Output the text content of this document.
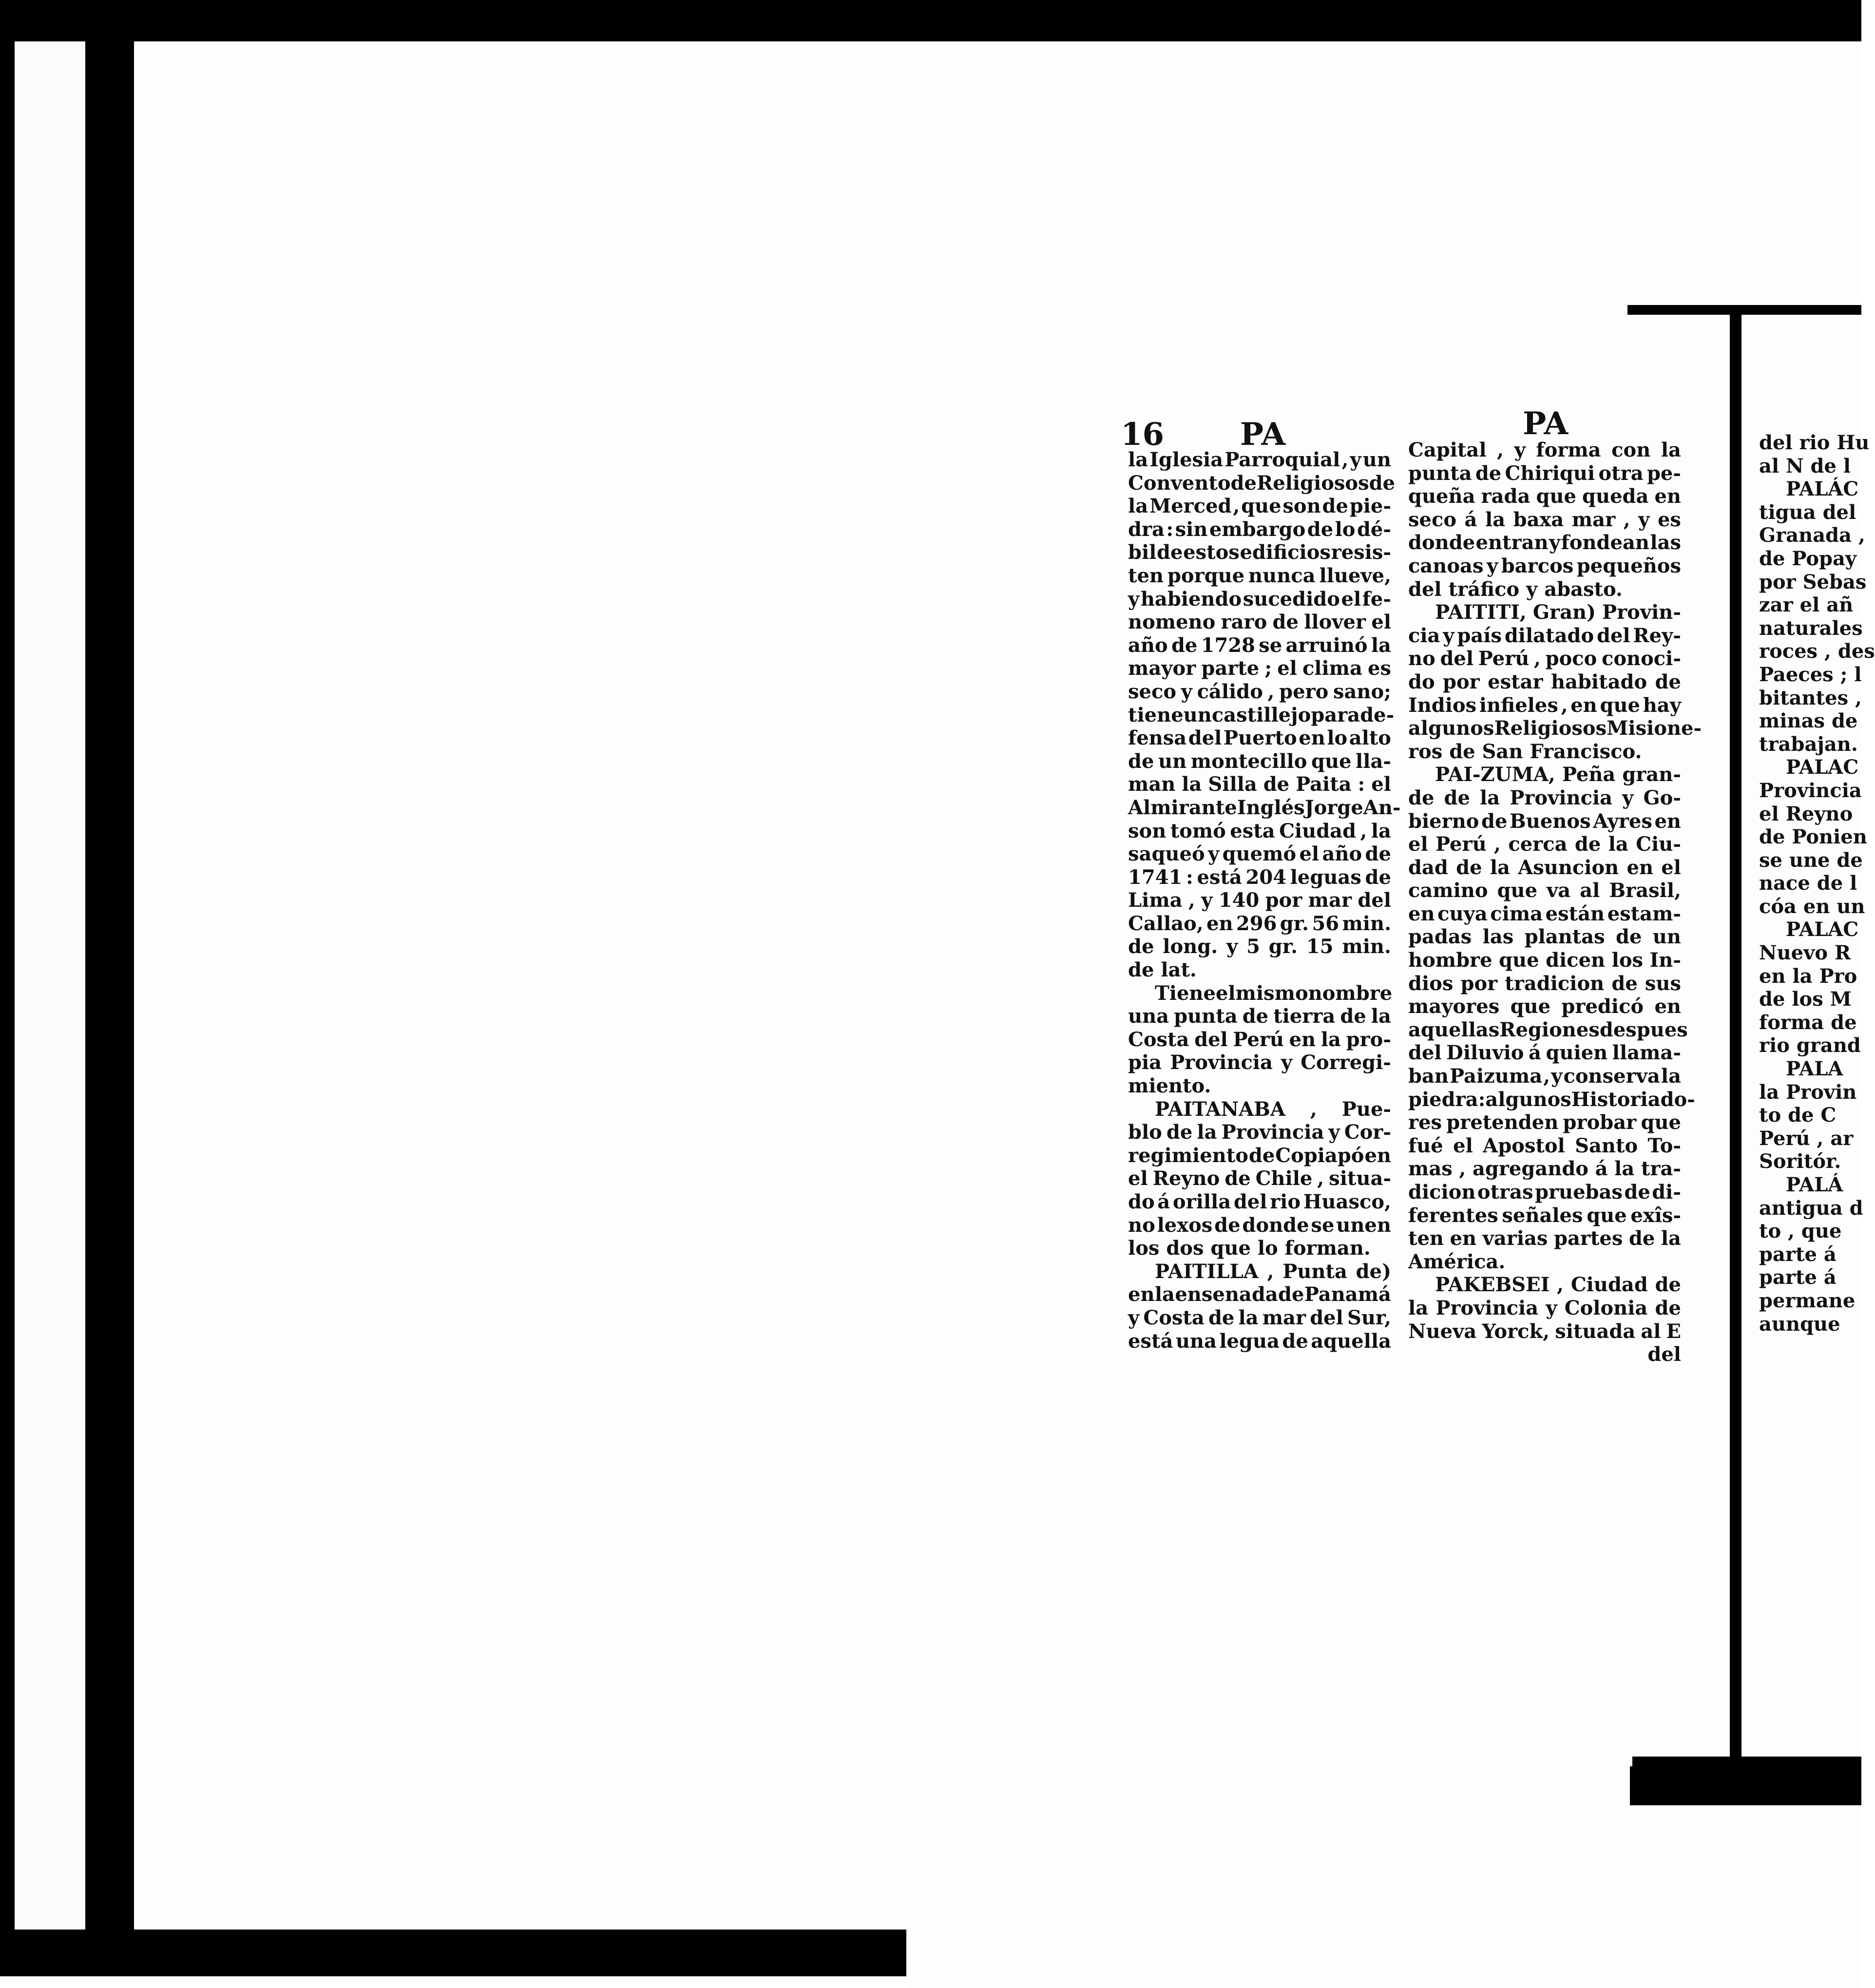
16 PA	PA
la Iglesia Parroquial , y un
Convento de Religiosos de
la Merced , que son de pie-
dra : sin embargo de lo dé-
bil de estos edificios resis-
ten porque nunca llueve,
y habiendo sucedido el fe-
nomeno raro de llover el
año de 1728 se arruinó la
mayor parte ; el clima es
seco y cálido , pero sano;
tiene un castillejo para de-
fensa del Puerto en lo alto
de un montecillo que lla-
man la Silla de Paita : el
Almirante Inglés Jorge An-
son tomó esta Ciudad , la
saqueó y quemó el año de
1741 : está 204 leguas de
Lima , y 140 por mar del
Callao, en 296 gr. 56 min.
de long. y 5 gr. 15 min.
de lat.
Tiene el mismo nombre
una punta de tierra de la
Costa del Perú en la pro-
pia Provincia y Corregi-
miento.
PAITANABA , Pue-
blo de la Provincia y Cor-
regimiento de Copiapó en
el Reyno de Chile , situa-
do á orilla del rio Huasco,
no lexos de donde se unen
los dos que lo forman.
PAITILLA , Punta de)
en la ensenada de Panamá
y Costa de la mar del Sur,
está una legua de aquella
Capital , y forma con la
punta de Chiriqui otra pe-
queña rada que queda en
seco á la baxa mar , y es
donde entran y fondean las
canoas y barcos pequeños
del tráfico y abasto.
PAITITI, Gran) Provin-
cia y país dilatado del Rey-
no del Perú , poco conoci-
do por estar habitado de
Indios infieles , en que hay
algunos Religiosos Misione-
ros de San Francisco.
PAI-ZUMA, Peña gran-
de de la Provincia y Go-
bierno de Buenos Ayres en
el Perú , cerca de la Ciu-
dad de la Asuncion en el
camino que va al Brasil,
en cuya cima están estam-
padas las plantas de un
hombre que dicen los In-
dios por tradicion de sus
mayores que predicó en
aquellas Regiones despues
del Diluvio á quien llama-
ban Paizuma , y conserva la
piedra : algunos Historiado-
res pretenden probar que
fué el Apostol Santo To-
mas , agregando á la tra-
dicion otras pruebas de di-
ferentes señales que exîs-
ten en varias partes de la
América.
PAKEBSEI , Ciudad de
la Provincia y Colonia de
Nueva Yorck, situada al E
del
del rio Hu
al N de l
PALÁC
tigua del
Granada ,
de Popay
por Sebas
zar el añ
naturales
roces , des
Paeces ; l
bitantes ,
minas de
trabajan.
PALAC
Provincia
el Reyno
de Ponien
se une de
nace de l
cóa en un
PALAC
Nuevo R
en la Pro
de los M
forma de
rio grand
PALA
la Provin
to de C
Perú , ar
Soritór.
PALÁ
antigua d
to , que
parte á
parte á
permane
aunque
